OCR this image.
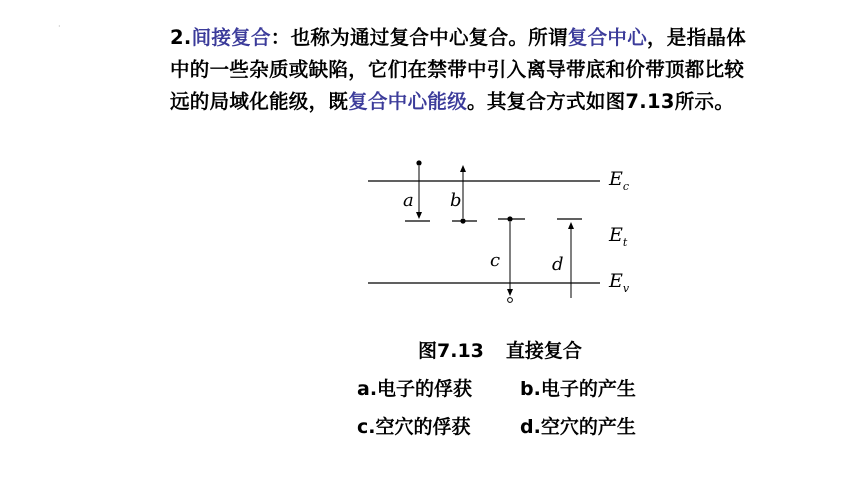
·	2.间接复合：也称为通过复合中心复合。所谓复合中心，是指晶体中的一些杂质或缺陷，它们在禁带中引入离导带底和价带顶都比较远的局域化能级，既复合中心能级。其复合方式如图7.13所示。
a b
c	d
$E_c$
$E_t$
$E_v$
图7.13 直接复合
a.电子的俘获	b.电子的产生
c.空穴的俘获	d.空穴的产生
